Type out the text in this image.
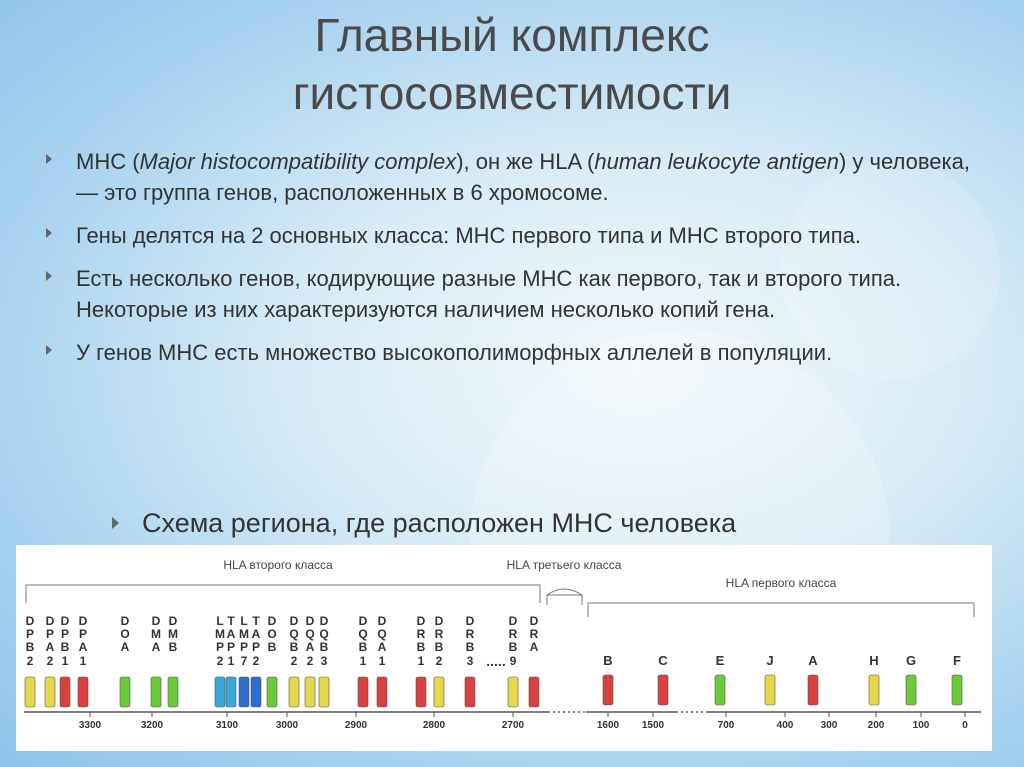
Главный комплекс
гистосовместимости
MHC (Major histocompatibility complex), он же HLA (human leukocyte antigen) у человека, — это группа генов, расположенных в 6 хромосоме.
Гены делятся на 2 основных класса: MHC первого типа и MHC второго типа.
Есть несколько генов, кодирующие разные MHC как первого, так и второго типа. Некоторые из них характеризуются наличием несколько копий гена.
У генов MHC есть множество высокополиморфных аллелей в популяции.
Схема региона, где расположен MHC человека
HLA второго класса	HLA третьего класса
HLA первого класса
D
P
B
2
D
P
A
2
D
P
B
1
D
P
A
1
D
O
A
D
M
A
D
M
B
L
M
P
2
T
A
P
1
L
M
P
7
T
A
P
2
D
O
B
D
Q
B
2
D
Q
A
2
D
Q
B
3
D
Q
B
1
D
Q
A
1
D
R
B
1
D
R
B
2
D
R
B
3
D
R
B
9
D
R
A
.....	B	C	E	J	A	H G	F
3300	3200	3100	3000	2900	2800	2700	1600 1500	700	400	300	200	100	0
